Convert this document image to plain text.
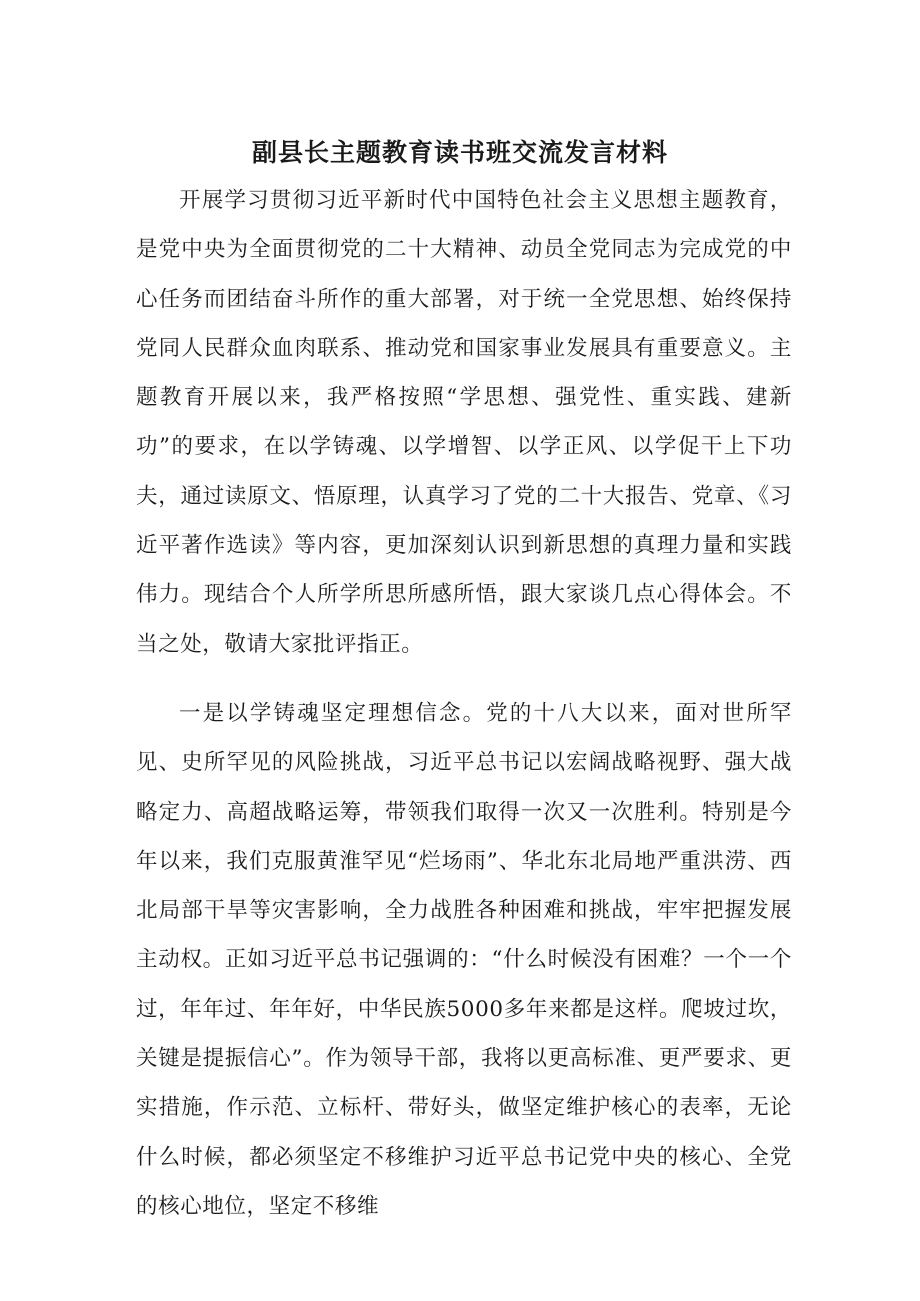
副县长主题教育读书班交流发言材料

开展学习贯彻习近平新时代中国特色社会主义思想主题教育，是党中央为全面贯彻党的二十大精神、动员全党同志为完成党的中心任务而团结奋斗所作的重大部署，对于统一全党思想、始终保持党同人民群众血肉联系、推动党和国家事业发展具有重要意义。主题教育开展以来，我严格按照“学思想、强党性、重实践、建新功”的要求，在以学铸魂、以学增智、以学正风、以学促干上下功夫，通过读原文、悟原理，认真学习了党的二十大报告、党章、《习近平著作选读》等内容，更加深刻认识到新思想的真理力量和实践伟力。现结合个人所学所思所感所悟，跟大家谈几点心得体会。不当之处，敬请大家批评指正。

一是以学铸魂坚定理想信念。党的十八大以来，面对世所罕见、史所罕见的风险挑战，习近平总书记以宏阔战略视野、强大战略定力、高超战略运筹，带领我们取得一次又一次胜利。特别是今年以来，我们克服黄淮罕见“烂场雨”、华北东北局地严重洪涝、西北局部干旱等灾害影响，全力战胜各种困难和挑战，牢牢把握发展主动权。正如习近平总书记强调的：“什么时候没有困难？一个一个过，年年过、年年好，中华民族5000多年来都是这样。爬坡过坎，关键是提振信心”。作为领导干部，我将以更高标准、更严要求、更实措施，作示范、立标杆、带好头，做坚定维护核心的表率，无论什么时候，都必须坚定不移维护习近平总书记党中央的核心、全党的核心地位，坚定不移维
